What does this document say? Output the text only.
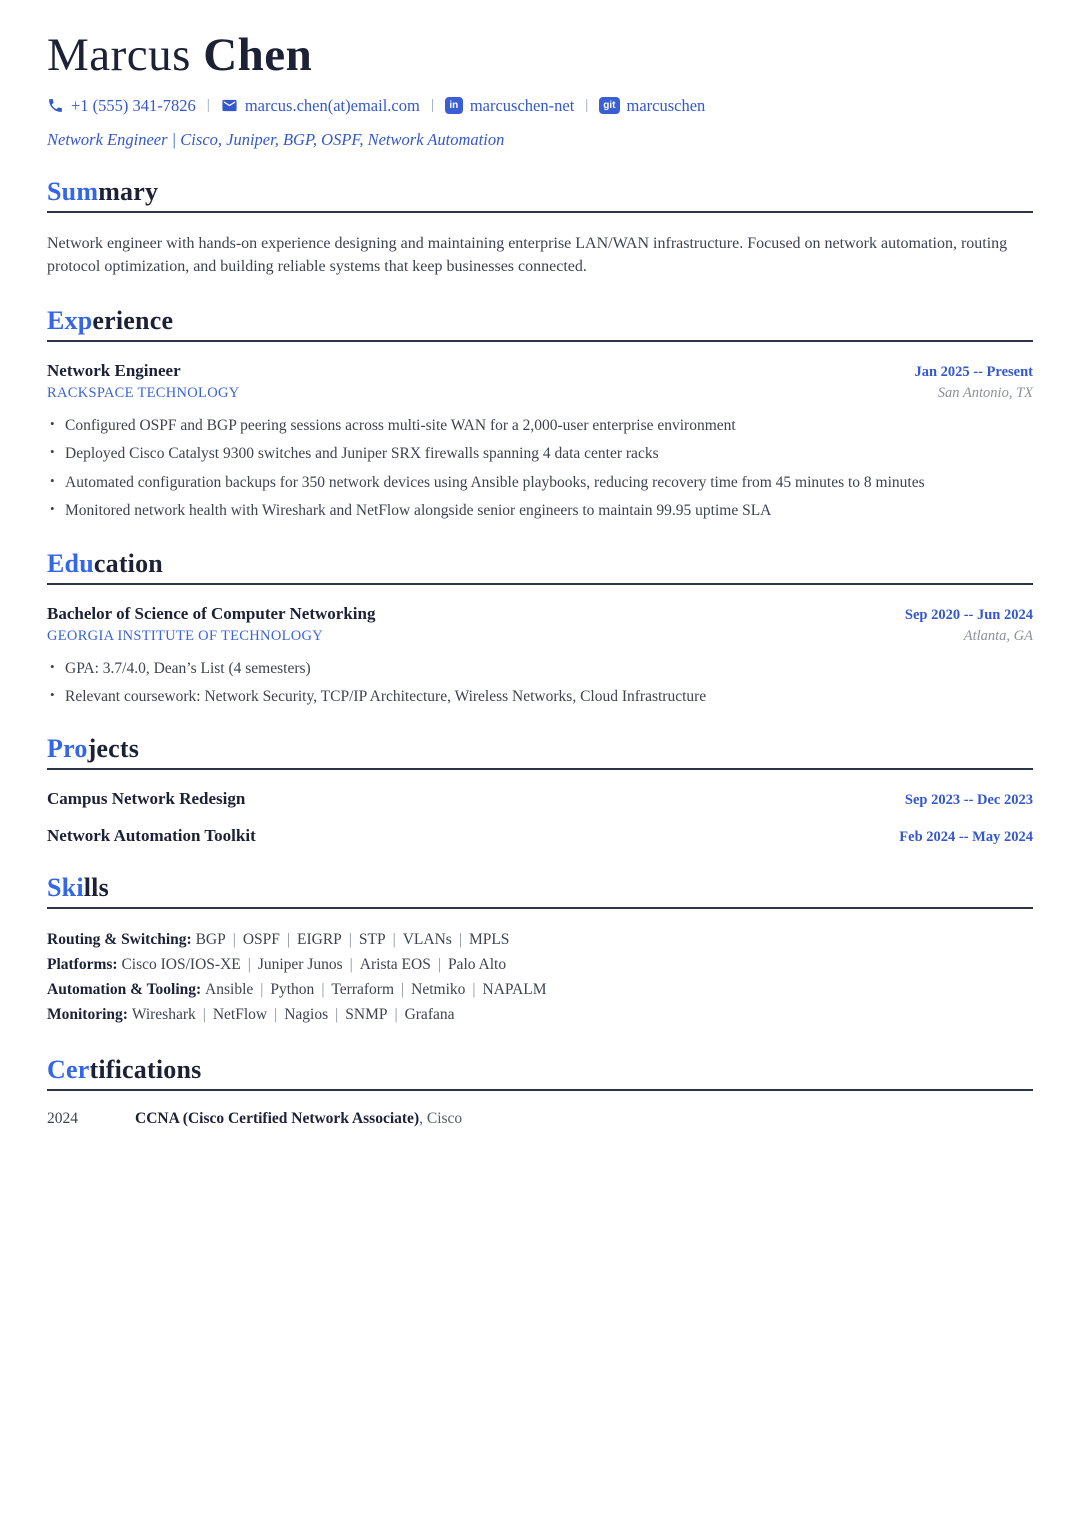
Marcus Chen
+1 (555) 341-7826 | marcus.chen(at)email.com |	in marcuschen-net |	git marcuschen
Network Engineer | Cisco, Juniper, BGP, OSPF, Network Automation
Summary

Network engineer with hands-on experience designing and maintaining enterprise LAN/WAN infrastructure. Focused on network automation, routing protocol optimization, and building reliable systems that keep businesses connected.

Experience
Network Engineer	Jan 2025 -- Present
RACKSPACE TECHNOLOGY	San Antonio, TX
• Configured OSPF and BGP peering sessions across multi-site WAN for a 2,000-user enterprise environment
• Deployed Cisco Catalyst 9300 switches and Juniper SRX firewalls spanning 4 data center racks
• Automated configuration backups for 350 network devices using Ansible playbooks, reducing recovery time from 45 minutes to 8 minutes
• Monitored network health with Wireshark and NetFlow alongside senior engineers to maintain 99.95 uptime SLA
Education
Bachelor of Science of Computer Networking	Sep 2020 -- Jun 2024
GEORGIA INSTITUTE OF TECHNOLOGY	Atlanta, GA
• GPA: 3.7/4.0, Dean’s List (4 semesters)
• Relevant coursework: Network Security, TCP/IP Architecture, Wireless Networks, Cloud Infrastructure
Projects
Campus Network Redesign	Sep 2023 -- Dec 2023
Network Automation Toolkit	Feb 2024 -- May 2024
Skills
Routing & Switching: BGP | OSPF | EIGRP | STP | VLANs | MPLS
Platforms: Cisco IOS/IOS-XE | Juniper Junos | Arista EOS | Palo Alto
Automation & Tooling: Ansible | Python | Terraform | Netmiko | NAPALM
Monitoring: Wireshark | NetFlow | Nagios | SNMP | Grafana
Certifications
2024	CCNA (Cisco Certified Network Associate) , Cisco
